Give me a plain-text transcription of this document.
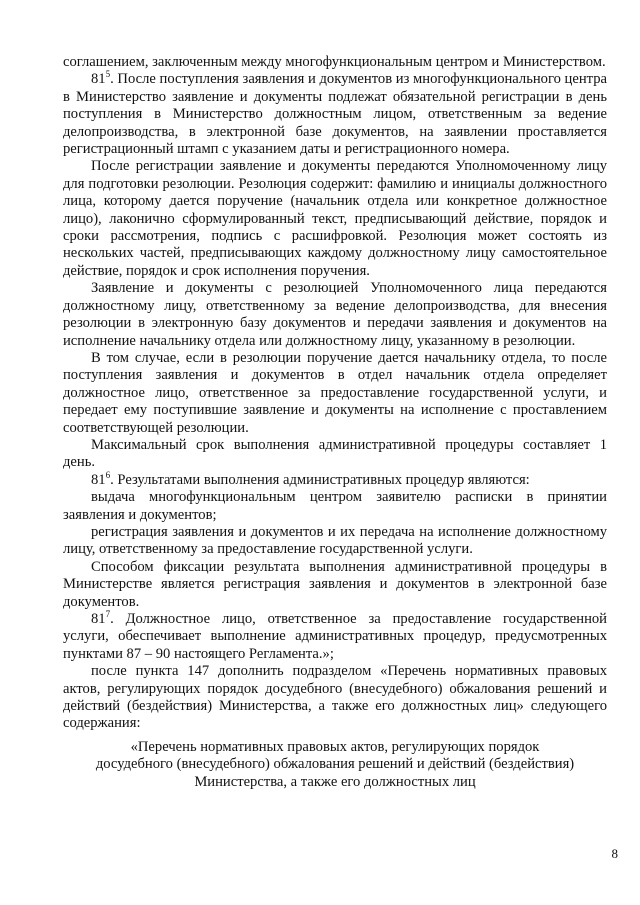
соглашением, заключенным между многофункциональным центром и Министерством.

$81^5$. После поступления заявления и документов из многофункционального центра в Министерство заявление и документы подлежат обязательной регистрации в день поступления в Министерство должностным лицом, ответственным за ведение делопроизводства, в электронной базе документов, на заявлении проставляется регистрационный штамп с указанием даты и регистрационного номера.

После регистрации заявление и документы передаются Уполномоченному лицу для подготовки резолюции. Резолюция содержит: фамилию и инициалы должностного лица, которому дается поручение (начальник отдела или конкретное должностное лицо), лаконично сформулированный текст, предписывающий действие, порядок и сроки рассмотрения, подпись с расшифровкой. Резолюция может состоять из нескольких частей, предписывающих каждому должностному лицу самостоятельное действие, порядок и срок исполнения поручения.

Заявление и документы с резолюцией Уполномоченного лица передаются должностному лицу, ответственному за ведение делопроизводства, для внесения резолюции в электронную базу документов и передачи заявления и документов на исполнение начальнику отдела или должностному лицу, указанному в резолюции.

В том случае, если в резолюции поручение дается начальнику отдела, то после поступления заявления и документов в отдел начальник отдела определяет должностное лицо, ответственное за предоставление государственной услуги, и передает ему поступившие заявление и документы на исполнение с проставлением соответствующей резолюции.

Максимальный срок выполнения административной процедуры составляет 1 день.

$81^6$. Результатами выполнения административных процедур являются:

выдача многофункциональным центром заявителю расписки в принятии заявления и документов;

регистрация заявления и документов и их передача на исполнение должностному лицу, ответственному за предоставление государственной услуги.

Способом фиксации результата выполнения административной процедуры в Министерстве является регистрация заявления и документов в электронной базе документов.

$81^7$. Должностное лицо, ответственное за предоставление государственной услуги, обеспечивает выполнение административных процедур, предусмотренных пунктами 87 – 90 настоящего Регламента.»;

после пункта 147 дополнить подразделом «Перечень нормативных правовых актов, регулирующих порядок досудебного (внесудебного) обжалования решений и действий (бездействия) Министерства, а также его должностных лиц» следующего содержания:

«Перечень нормативных правовых актов, регулирующих порядок
досудебного (внесудебного) обжалования решений и действий (бездействия)
Министерства, а также его должностных лиц
8
